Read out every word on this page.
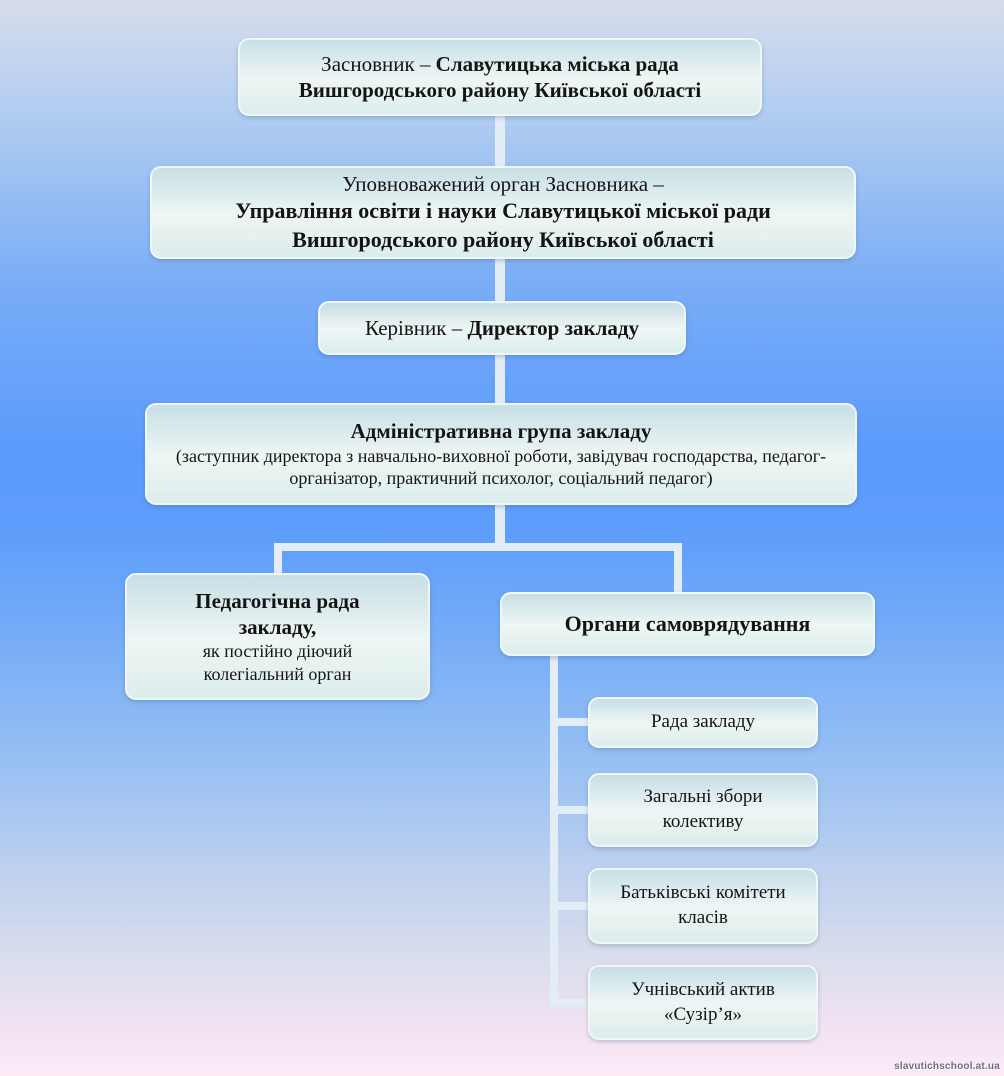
Засновник – Славутицька міська рада
Вишгородського району Київської області
Уповноважений орган Засновника –
Управління освіти і науки Славутицької міської ради
Вишгородського району Київської області
Керівник – Директор закладу
Адміністративна група закладу
(заступник директора з навчально-виховної роботи, завідувач господарства, педагог-організатор, практичний психолог, соціальний педагог)
Педагогічна рада закладу,
як постійно діючий колегіальний орган
Органи самоврядування
Рада закладу
Загальні збори колективу
Батьківські комітети класів
Учнівський актив «Сузір’я»
slavutichschool.at.ua
